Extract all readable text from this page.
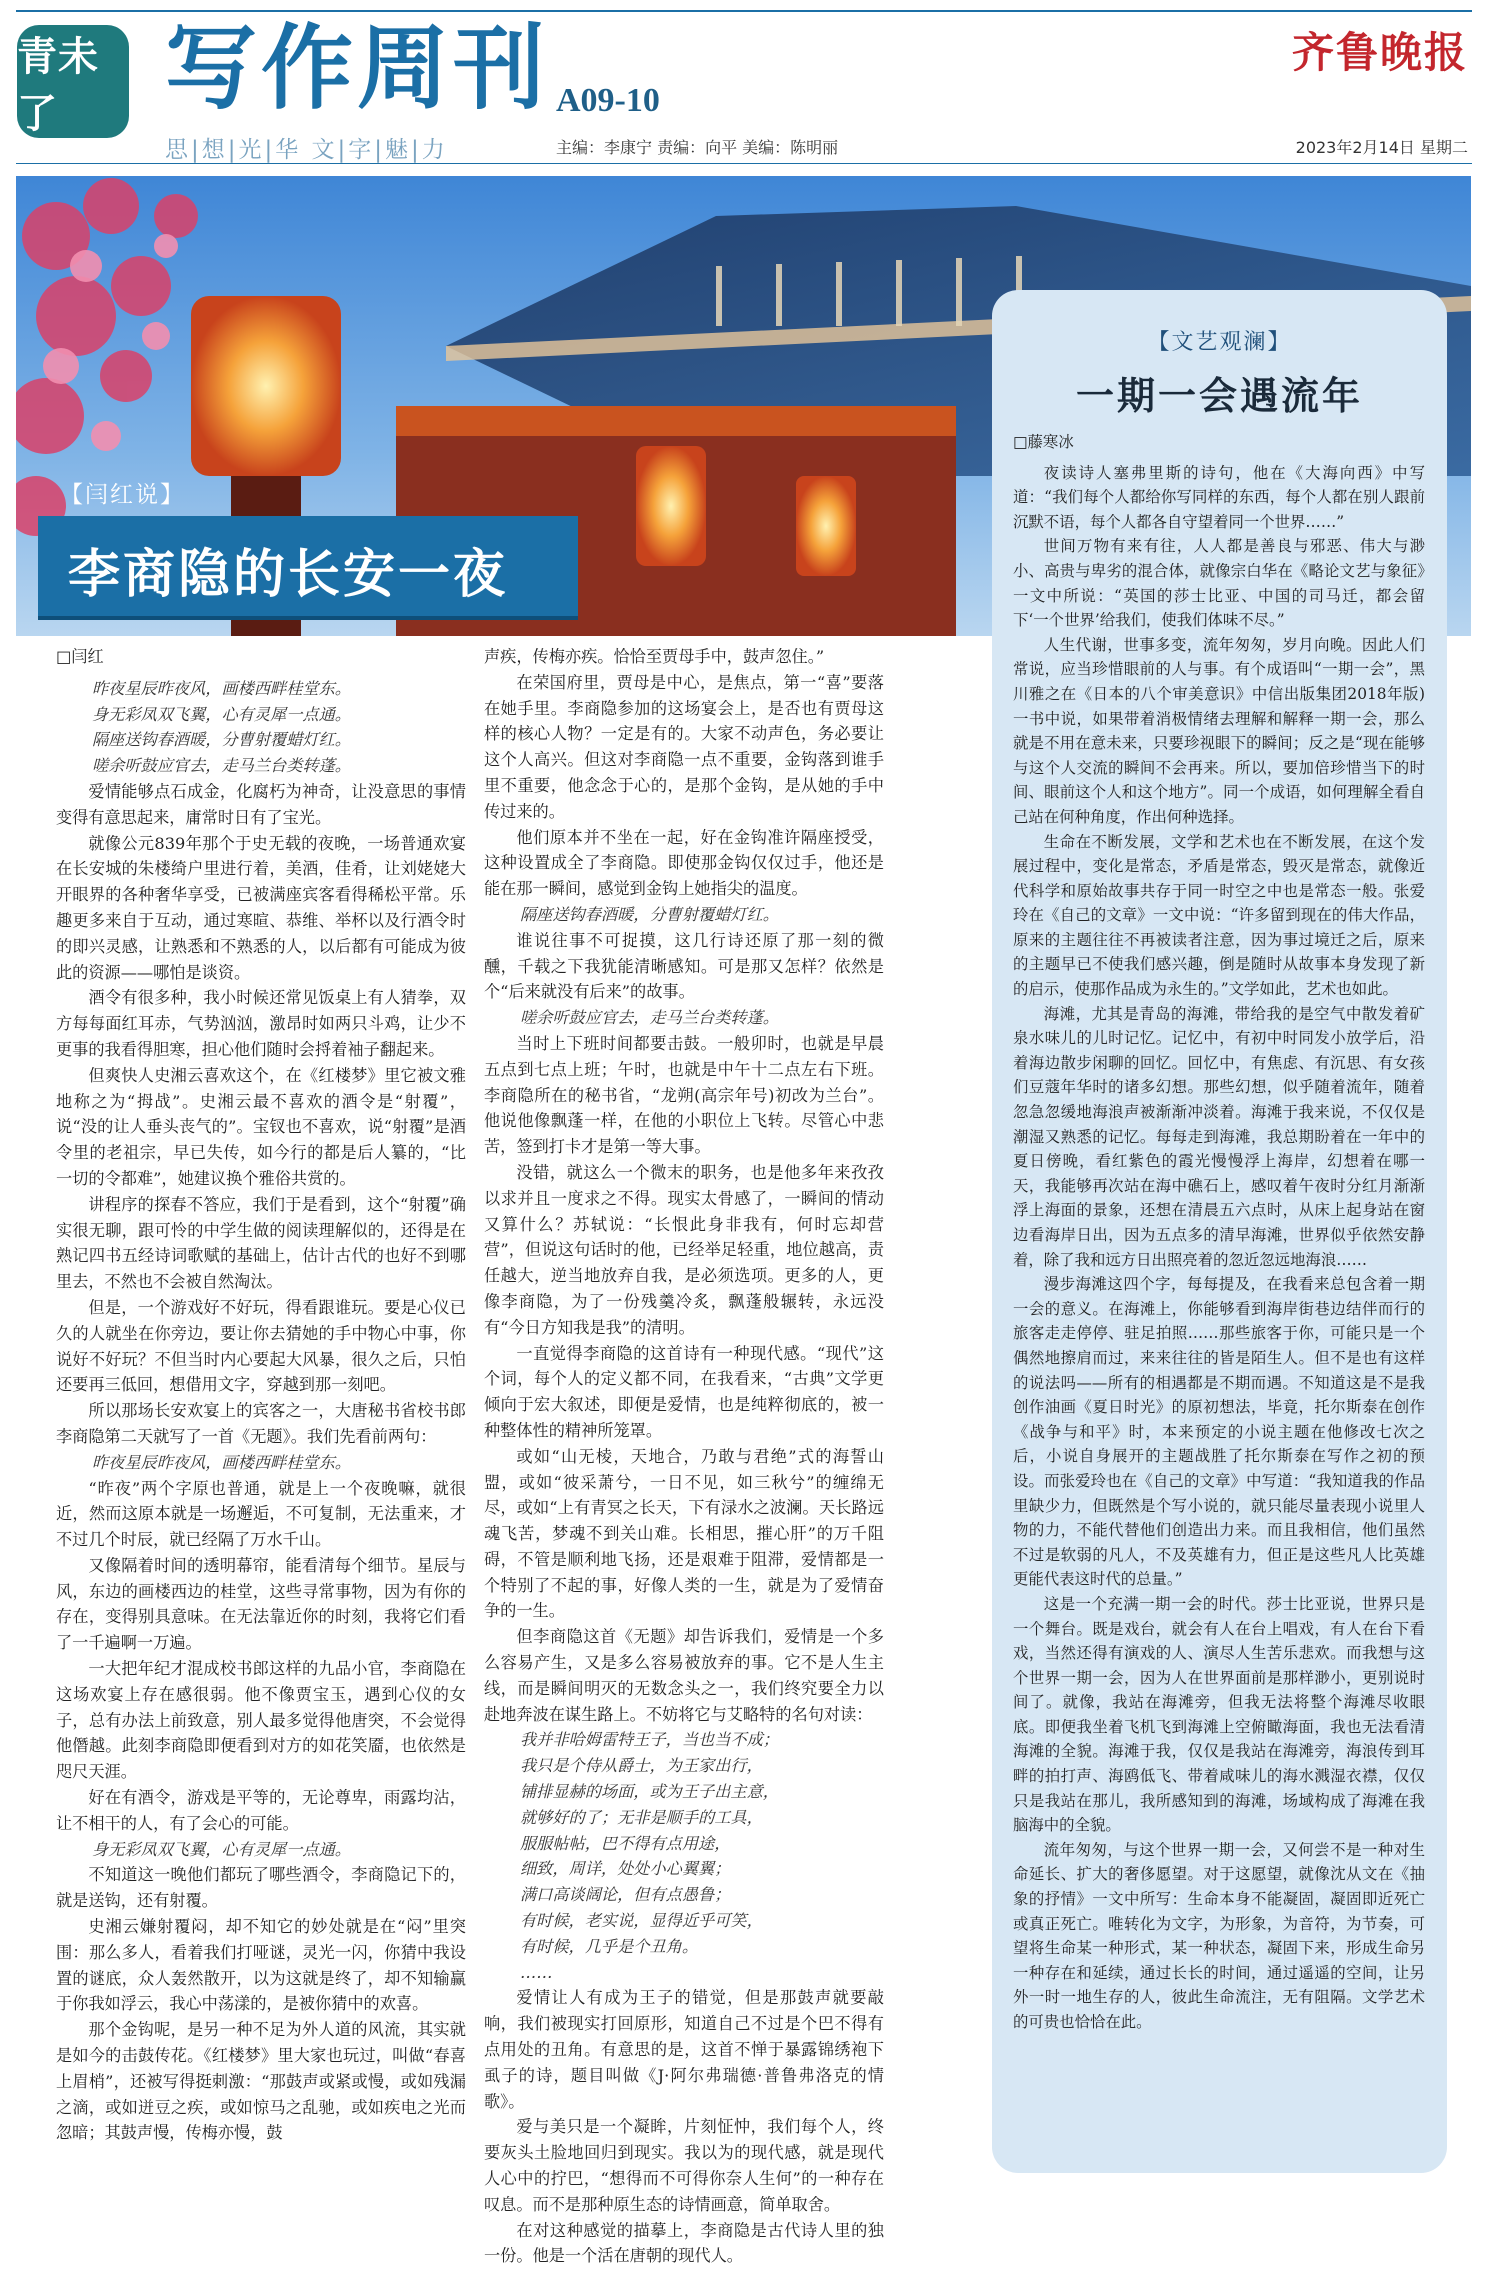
青未了	写作周刊 A09-10
齐鲁晚报
思|想|光|华 文|字|魅|力	主编：李康宁 责编：向平 美编：陈明丽	2023年2月14日 星期二
【闫红说】
李商隐的长安一夜

□闫红

昨夜星辰昨夜风，画楼西畔桂堂东。

身无彩凤双飞翼，心有灵犀一点通。

隔座送钩春酒暖，分曹射覆蜡灯红。

嗟余听鼓应官去，走马兰台类转蓬。

爱情能够点石成金，化腐朽为神奇，让没意思的事情变得有意思起来，庸常时日有了宝光。

就像公元839年那个于史无载的夜晚，一场普通欢宴在长安城的朱楼绮户里进行着，美酒，佳肴，让刘姥姥大开眼界的各种奢华享受，已被满座宾客看得稀松平常。乐趣更多来自于互动，通过寒暄、恭维、举杯以及行酒令时的即兴灵感，让熟悉和不熟悉的人，以后都有可能成为彼此的资源——哪怕是谈资。

酒令有很多种，我小时候还常见饭桌上有人猜拳，双方每每面红耳赤，气势汹汹，激昂时如两只斗鸡，让少不更事的我看得胆寒，担心他们随时会捋着袖子翻起来。

但爽快人史湘云喜欢这个，在《红楼梦》里它被文雅地称之为“拇战”。史湘云最不喜欢的酒令是“射覆”，说“没的让人垂头丧气的”。宝钗也不喜欢，说“射覆”是酒令里的老祖宗，早已失传，如今行的都是后人纂的，“比一切的令都难”，她建议换个雅俗共赏的。

讲程序的探春不答应，我们于是看到，这个“射覆”确实很无聊，跟可怜的中学生做的阅读理解似的，还得是在熟记四书五经诗词歌赋的基础上，估计古代的也好不到哪里去，不然也不会被自然淘汰。

但是，一个游戏好不好玩，得看跟谁玩。要是心仪已久的人就坐在你旁边，要让你去猜她的手中物心中事，你说好不好玩？不但当时内心要起大风暴，很久之后，只怕还要再三低回，想借用文字，穿越到那一刻吧。

所以那场长安欢宴上的宾客之一，大唐秘书省校书郎李商隐第二天就写了一首《无题》。我们先看前两句：

昨夜星辰昨夜风，画楼西畔桂堂东。

“昨夜”两个字原也普通，就是上一个夜晚嘛，就很近，然而这原本就是一场邂逅，不可复制，无法重来，才不过几个时辰，就已经隔了万水千山。

又像隔着时间的透明幕帘，能看清每个细节。星辰与风，东边的画楼西边的桂堂，这些寻常事物，因为有你的存在，变得别具意味。在无法靠近你的时刻，我将它们看了一千遍啊一万遍。

一大把年纪才混成校书郎这样的九品小官，李商隐在这场欢宴上存在感很弱。他不像贾宝玉，遇到心仪的女子，总有办法上前致意，别人最多觉得他唐突，不会觉得他僭越。此刻李商隐即便看到对方的如花笑靥，也依然是咫尺天涯。

好在有酒令，游戏是平等的，无论尊卑，雨露均沾，让不相干的人，有了会心的可能。

身无彩凤双飞翼，心有灵犀一点通。

不知道这一晚他们都玩了哪些酒令，李商隐记下的，就是送钩，还有射覆。

史湘云嫌射覆闷，却不知它的妙处就是在“闷”里突围：那么多人，看着我们打哑谜，灵光一闪，你猜中我设置的谜底，众人轰然散开，以为这就是终了，却不知输赢于你我如浮云，我心中荡漾的，是被你猜中的欢喜。

那个金钩呢，是另一种不足为外人道的风流，其实就是如今的击鼓传花。《红楼梦》里大家也玩过，叫做“春喜上眉梢”，还被写得挺刺激：“那鼓声或紧或慢，或如残漏之滴，或如迸豆之疾，或如惊马之乱驰，或如疾电之光而忽暗；其鼓声慢，传梅亦慢，鼓

声疾，传梅亦疾。恰恰至贾母手中，鼓声忽住。”

在荣国府里，贾母是中心，是焦点，第一“喜”要落在她手里。李商隐参加的这场宴会上，是否也有贾母这样的核心人物？一定是有的。大家不动声色，务必要让这个人高兴。但这对李商隐一点不重要，金钩落到谁手里不重要，他念念于心的，是那个金钩，是从她的手中传过来的。

他们原本并不坐在一起，好在金钩准许隔座授受，这种设置成全了李商隐。即使那金钩仅仅过手，他还是能在那一瞬间，感觉到金钩上她指尖的温度。

隔座送钩春酒暖，分曹射覆蜡灯红。

谁说往事不可捉摸，这几行诗还原了那一刻的微醺，千载之下我犹能清晰感知。可是那又怎样？依然是个“后来就没有后来”的故事。

嗟余听鼓应官去，走马兰台类转蓬。

当时上下班时间都要击鼓。一般卯时，也就是早晨五点到七点上班；午时，也就是中午十二点左右下班。李商隐所在的秘书省，“龙朔(高宗年号)初改为兰台”。他说他像飘蓬一样，在他的小职位上飞转。尽管心中悲苦，签到打卡才是第一等大事。

没错，就这么一个微末的职务，也是他多年来孜孜以求并且一度求之不得。现实太骨感了，一瞬间的情动又算什么？苏轼说：“长恨此身非我有，何时忘却营营”，但说这句话时的他，已经举足轻重，地位越高，责任越大，逆当地放弃自我，是必须选项。更多的人，更像李商隐，为了一份残羹冷炙，飘蓬般辗转，永远没有“今日方知我是我”的清明。

一直觉得李商隐的这首诗有一种现代感。“现代”这个词，每个人的定义都不同，在我看来，“古典”文学更倾向于宏大叙述，即便是爱情，也是纯粹彻底的，被一种整体性的精神所笼罩。

或如“山无棱，天地合，乃敢与君绝”式的海誓山盟，或如“彼采萧兮，一日不见，如三秋兮”的缠绵无尽，或如“上有青冥之长天，下有渌水之波澜。天长路远魂飞苦，梦魂不到关山难。长相思，摧心肝”的万千阻碍，不管是顺利地飞扬，还是艰难于阻滞，爱情都是一个特别了不起的事，好像人类的一生，就是为了爱情奋争的一生。

但李商隐这首《无题》却告诉我们，爱情是一个多么容易产生，又是多么容易被放弃的事。它不是人生主线，而是瞬间明灭的无数念头之一，我们终究要全力以赴地奔波在谋生路上。不妨将它与艾略特的名句对读：

我并非哈姆雷特王子，当也当不成；

我只是个侍从爵士，为王家出行，

铺排显赫的场面，或为王子出主意，

就够好的了；无非是顺手的工具，

服服帖帖，巴不得有点用途，

细致，周详，处处小心翼翼；

满口高谈阔论，但有点愚鲁；

有时候，老实说，显得近乎可笑，

有时候，几乎是个丑角。

……

爱情让人有成为王子的错觉，但是那鼓声就要敲响，我们被现实打回原形，知道自己不过是个巴不得有点用处的丑角。有意思的是，这首不惮于暴露锦绣袍下虱子的诗，题目叫做《J·阿尔弗瑞德·普鲁弗洛克的情歌》。

爱与美只是一个凝眸，片刻怔忡，我们每个人，终要灰头土脸地回归到现实。我以为的现代感，就是现代人心中的拧巴，“想得而不可得你奈人生何”的一种存在叹息。而不是那种原生态的诗情画意，简单取舍。

在对这种感觉的描摹上，李商隐是古代诗人里的独一份。他是一个活在唐朝的现代人。

【文艺观澜】
一期一会遇流年

□藤寒冰

夜读诗人塞弗里斯的诗句，他在《大海向西》中写道：“我们每个人都给你写同样的东西，每个人都在别人跟前沉默不语，每个人都各自守望着同一个世界……”

世间万物有来有往，人人都是善良与邪恶、伟大与渺小、高贵与卑劣的混合体，就像宗白华在《略论文艺与象征》一文中所说：“英国的莎士比亚、中国的司马迁，都会留下‘一个世界’给我们，使我们体味不尽。”

人生代谢，世事多变，流年匆匆，岁月向晚。因此人们常说，应当珍惜眼前的人与事。有个成语叫“一期一会”，黑川雅之在《日本的八个审美意识》中信出版集团2018年版)一书中说，如果带着消极情绪去理解和解释一期一会，那么就是不用在意未来，只要珍视眼下的瞬间；反之是“现在能够与这个人交流的瞬间不会再来。所以，要加倍珍惜当下的时间、眼前这个人和这个地方”。同一个成语，如何理解全看自己站在何种角度，作出何种选择。

生命在不断发展，文学和艺术也在不断发展，在这个发展过程中，变化是常态，矛盾是常态，毁灭是常态，就像近代科学和原始故事共存于同一时空之中也是常态一般。张爱玲在《自己的文章》一文中说：“许多留到现在的伟大作品，原来的主题往往不再被读者注意，因为事过境迁之后，原来的主题早已不使我们感兴趣，倒是随时从故事本身发现了新的启示，使那作品成为永生的。”文学如此，艺术也如此。

海滩，尤其是青岛的海滩，带给我的是空气中散发着矿泉水味儿的儿时记忆。记忆中，有初中时同发小放学后，沿着海边散步闲聊的回忆。回忆中，有焦虑、有沉思、有女孩们豆蔻年华时的诸多幻想。那些幻想，似乎随着流年，随着忽急忽缓地海浪声被渐渐冲淡着。海滩于我来说，不仅仅是潮湿又熟悉的记忆。每每走到海滩，我总期盼着在一年中的夏日傍晚，看红紫色的霞光慢慢浮上海岸，幻想着在哪一天，我能够再次站在海中礁石上，感叹着午夜时分红月渐渐浮上海面的景象，还想在清晨五六点时，从床上起身站在窗边看海岸日出，因为五点多的清早海滩，世界似乎依然安静着，除了我和远方日出照亮着的忽近忽远地海浪……

漫步海滩这四个字，每每提及，在我看来总包含着一期一会的意义。在海滩上，你能够看到海岸街巷边结伴而行的旅客走走停停、驻足拍照……那些旅客于你，可能只是一个偶然地擦肩而过，来来往往的皆是陌生人。但不是也有这样的说法吗——所有的相遇都是不期而遇。不知道这是不是我创作油画《夏日时光》的原初想法，毕竟，托尔斯泰在创作《战争与和平》时，本来预定的小说主题在他修改七次之后，小说自身展开的主题战胜了托尔斯泰在写作之初的预设。而张爱玲也在《自己的文章》中写道：“我知道我的作品里缺少力，但既然是个写小说的，就只能尽量表现小说里人物的力，不能代替他们创造出力来。而且我相信，他们虽然不过是软弱的凡人，不及英雄有力，但正是这些凡人比英雄更能代表这时代的总量。”

这是一个充满一期一会的时代。莎士比亚说，世界只是一个舞台。既是戏台，就会有人在台上唱戏，有人在台下看戏，当然还得有演戏的人、演尽人生苦乐悲欢。而我想与这个世界一期一会，因为人在世界面前是那样渺小，更别说时间了。就像，我站在海滩旁，但我无法将整个海滩尽收眼底。即便我坐着飞机飞到海滩上空俯瞰海面，我也无法看清海滩的全貌。海滩于我，仅仅是我站在海滩旁，海浪传到耳畔的拍打声、海鸥低飞、带着咸味儿的海水溅湿衣襟，仅仅只是我站在那儿，我所感知到的海滩，场域构成了海滩在我脑海中的全貌。

流年匆匆，与这个世界一期一会，又何尝不是一种对生命延长、扩大的奢侈愿望。对于这愿望，就像沈从文在《抽象的抒情》一文中所写：生命本身不能凝固，凝固即近死亡或真正死亡。唯转化为文字，为形象，为音符，为节奏，可望将生命某一种形式，某一种状态，凝固下来，形成生命另一种存在和延续，通过长长的时间，通过遥遥的空间，让另外一时一地生存的人，彼此生命流注，无有阻隔。文学艺术的可贵也恰恰在此。
